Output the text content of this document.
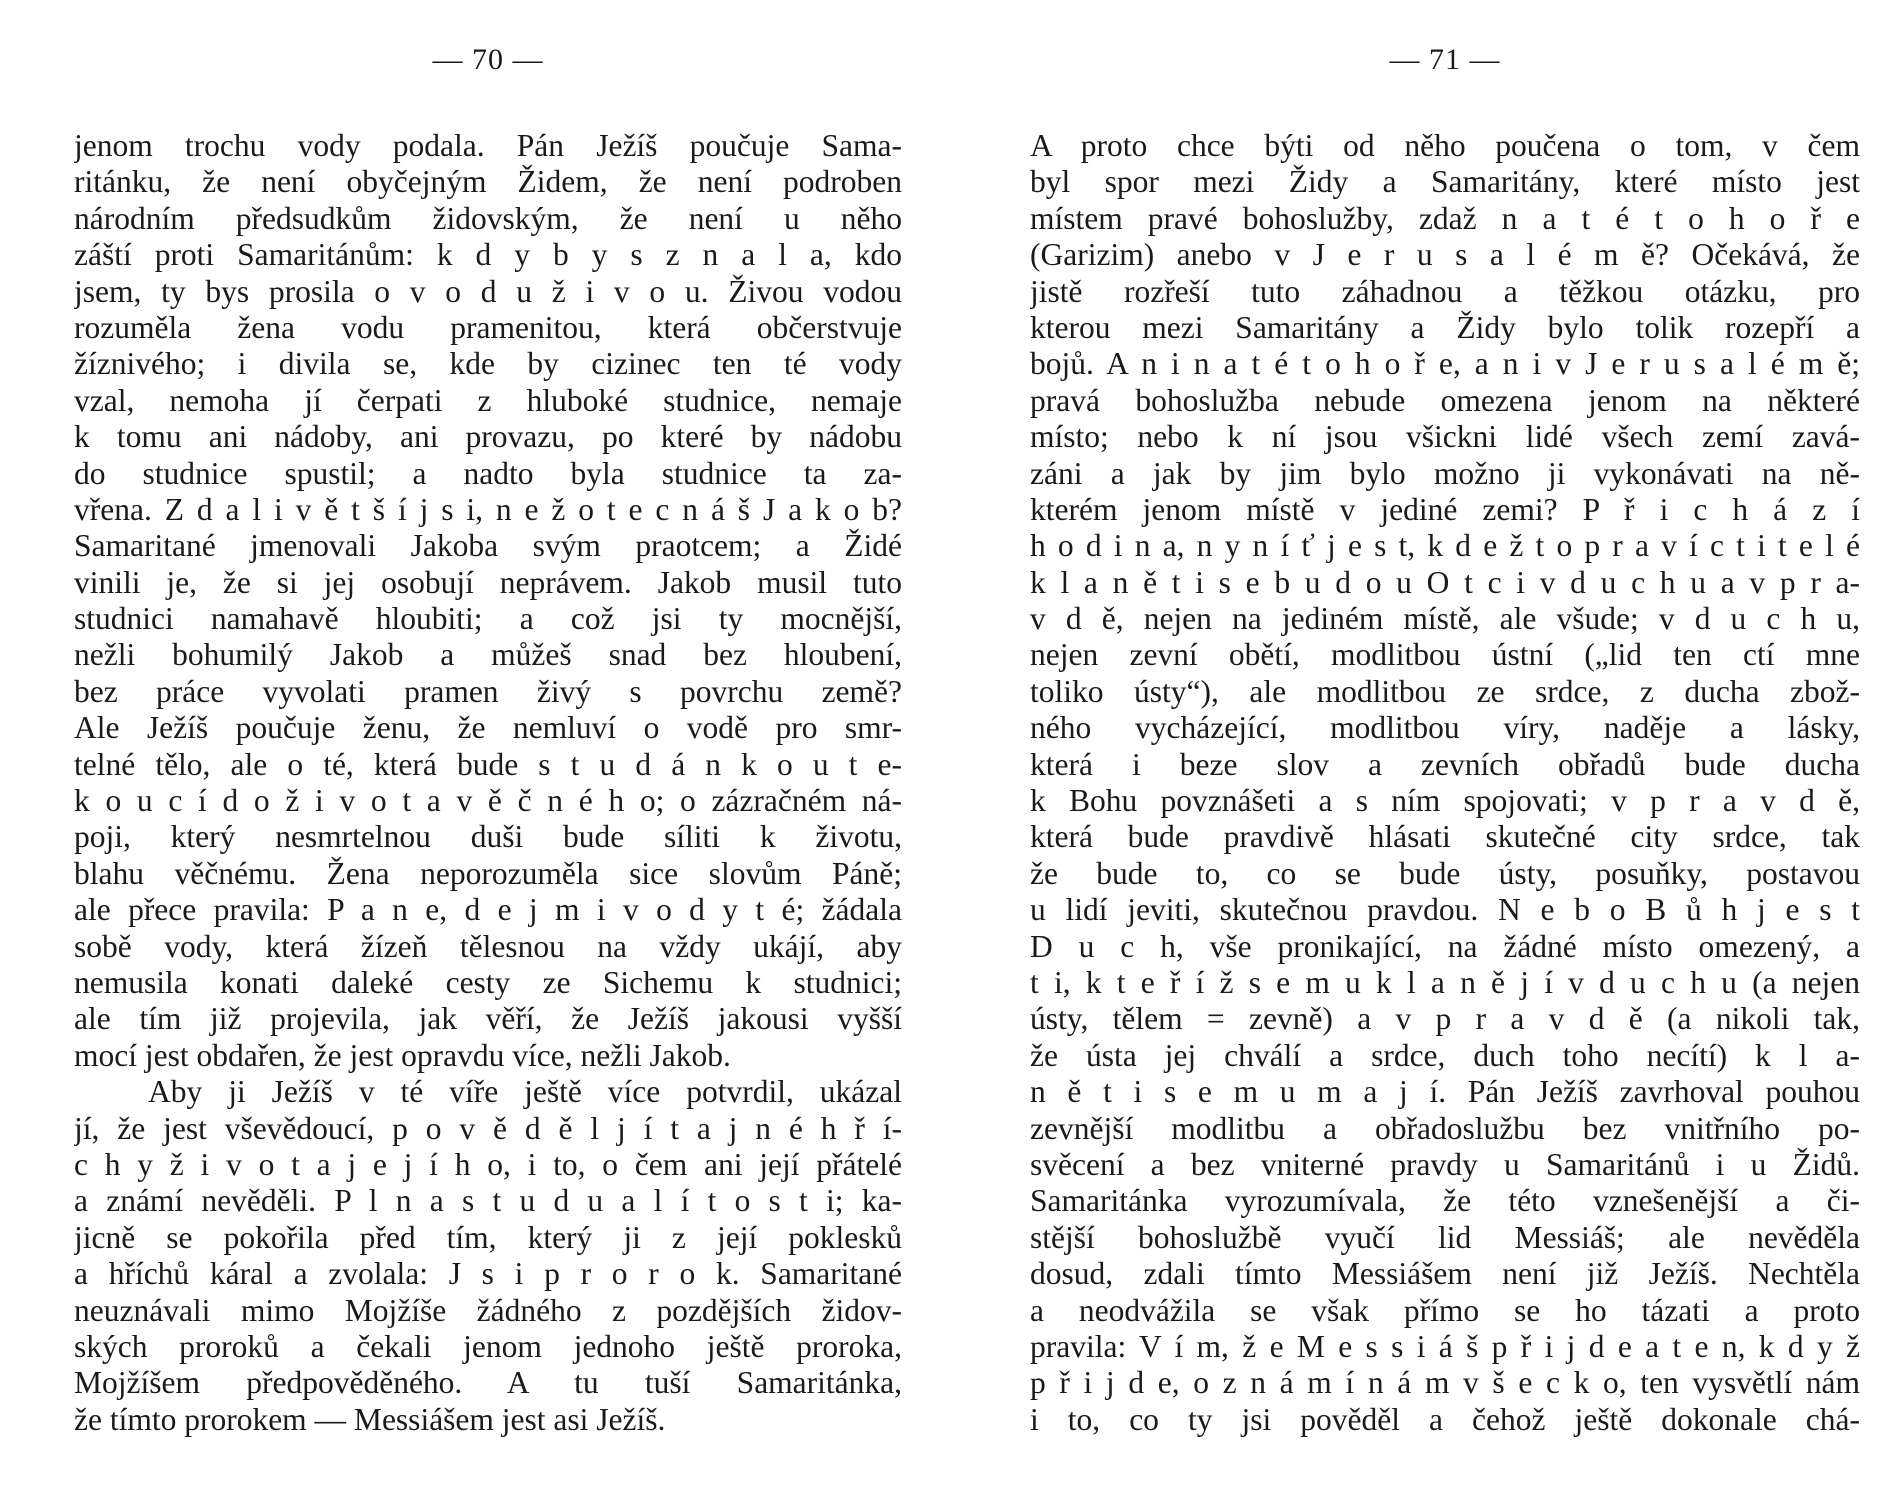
— 70 —
jenom trochu vody podala. Pán Ježíš poučuje Sama-
ritánku, že není obyčejným Židem, že není podroben
národním předsudkům židovským, že není u něho
záští proti Samaritánům: k d y b y s z n a l a, kdo
jsem, ty bys prosila o v o d u ž i v o u. Živou vodou
rozuměla žena vodu pramenitou, která občerstvuje
žíznivého; i divila se, kde by cizinec ten té vody
vzal, nemoha jí čerpati z hluboké studnice, nemaje
k tomu ani nádoby, ani provazu, po které by nádobu
do studnice spustil; a nadto byla studnice ta za-
vřena. Z d a l i v ě t š í j s i, n e ž o t e c n á š J a k o b?
Samaritané jmenovali Jakoba svým praotcem; a Židé
vinili je, že si jej osobují neprávem. Jakob musil tuto
studnici namahavě hloubiti; a což jsi ty mocnější,
nežli bohumilý Jakob a můžeš snad bez hloubení,
bez práce vyvolati pramen živý s povrchu země?
Ale Ježíš poučuje ženu, že nemluví o vodě pro smr-
telné tělo, ale o té, která bude s t u d á n k o u t e-
k o u c í d o ž i v o t a v ě č n é h o; o zázračném ná-
poji, který nesmrtelnou duši bude síliti k životu,
blahu věčnému. Žena neporozuměla sice slovům Páně;
ale přece pravila: P a n e, d e j m i v o d y t é; žádala
sobě vody, která žízeň tělesnou na vždy ukájí, aby
nemusila konati daleké cesty ze Sichemu k studnici;
ale tím již projevila, jak věří, že Ježíš jakousi vyšší
mocí jest obdařen, že jest opravdu více, nežli Jakob.
Aby ji Ježíš v té víře ještě více potvrdil, ukázal
jí, že jest vševědoucí, p o v ě d ě l j í t a j n é h ř í-
c h y ž i v o t a j e j í h o, i to, o čem ani její přátelé
a známí nevěděli. P l n a s t u d u a l í t o s t i; ka-
jicně se pokořila před tím, který ji z její poklesků
a hříchů káral a zvolala: J s i p r o r o k. Samaritané
neuznávali mimo Mojžíše žádného z pozdějších židov-
ských proroků a čekali jenom jednoho ještě proroka,
Mojžíšem předpověděného. A tu tuší Samaritánka,
že tímto prorokem — Messiášem jest asi Ježíš.
— 71 —
A proto chce býti od něho poučena o tom, v čem
byl spor mezi Židy a Samaritány, které místo jest
místem pravé bohoslužby, zdaž n a t é t o h o ř e
(Garizim) anebo v J e r u s a l é m ě? Očekává, že
jistě rozřeší tuto záhadnou a těžkou otázku, pro
kterou mezi Samaritány a Židy bylo tolik rozepří a
bojů. A n i n a t é t o h o ř e, a n i v J e r u s a l é m ě;
pravá bohoslužba nebude omezena jenom na některé
místo; nebo k ní jsou všickni lidé všech zemí zavá-
záni a jak by jim bylo možno ji vykonávati na ně-
kterém jenom místě v jediné zemi? P ř i c h á z í
h o d i n a, n y n í ť j e s t, k d e ž t o p r a v í c t i t e l é
k l a n ě t i s e b u d o u O t c i v d u c h u a v p r a-
v d ě, nejen na jediném místě, ale všude; v d u c h u,
nejen zevní obětí, modlitbou ústní („lid ten ctí mne
toliko ústy“), ale modlitbou ze srdce, z ducha zbož-
ného vycházející, modlitbou víry, naděje a lásky,
která i beze slov a zevních obřadů bude ducha
k Bohu povznášeti a s ním spojovati; v p r a v d ě,
která bude pravdivě hlásati skutečné city srdce, tak
že bude to, co se bude ústy, posuňky, postavou
u lidí jeviti, skutečnou pravdou. N e b o B ů h j e s t
D u c h, vše pronikající, na žádné místo omezený, a
t i, k t e ř í ž s e m u k l a n ě j í v d u c h u (a nejen
ústy, tělem = zevně) a v p r a v d ě (a nikoli tak,
že ústa jej chválí a srdce, duch toho necítí) k l a-
n ě t i s e m u m a j í. Pán Ježíš zavrhoval pouhou
zevnější modlitbu a obřadoslužbu bez vnitřního po-
svěcení a bez vniterné pravdy u Samaritánů i u Židů.
Samaritánka vyrozumívala, že této vznešenější a či-
stější bohoslužbě vyučí lid Messiáš; ale nevěděla
dosud, zdali tímto Messiášem není již Ježíš. Nechtěla
a neodvážila se však přímo se ho tázati a proto
pravila: V í m, ž e M e s s i á š p ř i j d e a t e n, k d y ž
p ř i j d e, o z n á m í n á m v š e c k o, ten vysvětlí nám
i to, co ty jsi pověděl a čehož ještě dokonale chá-
